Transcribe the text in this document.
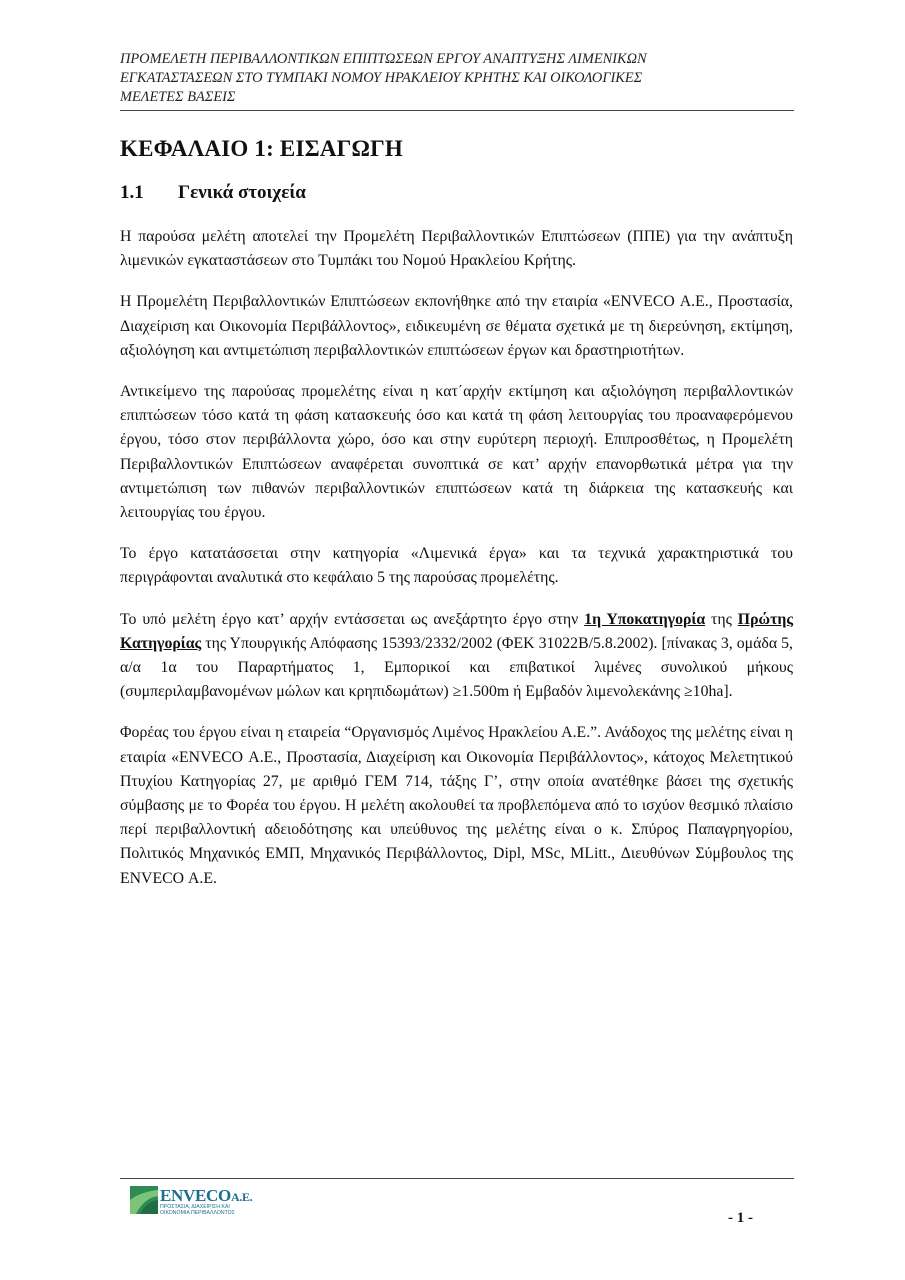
ΠΡΟΜΕΛΕΤΗ ΠΕΡΙΒΑΛΛΟΝΤΙΚΩΝ ΕΠΙΠΤΩΣΕΩΝ ΕΡΓΟΥ ΑΝΑΠΤΥΞΗΣ ΛΙΜΕΝΙΚΩΝ
ΕΓΚΑΤΑΣΤΑΣΕΩΝ ΣΤΟ ΤΥΜΠΑΚΙ ΝΟΜΟΥ ΗΡΑΚΛΕΙΟΥ ΚΡΗΤΗΣ ΚΑΙ ΟΙΚΟΛΟΓΙΚΕΣ
ΜΕΛΕΤΕΣ ΒΑΣΕΙΣ
ΚΕΦΑΛΑΙΟ 1: ΕΙΣΑΓΩΓΗ
1.1	Γενικά στοιχεία

Η παρούσα μελέτη αποτελεί την Προμελέτη Περιβαλλοντικών Επιπτώσεων (ΠΠΕ) για την ανάπτυξη λιμενικών εγκαταστάσεων στο Τυμπάκι του Νομού Ηρακλείου Κρήτης.

Η Προμελέτη Περιβαλλοντικών Επιπτώσεων εκπονήθηκε από την εταιρία «ENVECO Α.Ε., Προστασία, Διαχείριση και Οικονομία Περιβάλλοντος», ειδικευμένη σε θέματα σχετικά με τη διερεύνηση, εκτίμηση, αξιολόγηση και αντιμετώπιση περιβαλλοντικών επιπτώσεων έργων και δραστηριοτήτων.

Αντικείμενο της παρούσας προμελέτης είναι η κατ΄αρχήν εκτίμηση και αξιολόγηση περιβαλλοντικών επιπτώσεων τόσο κατά τη φάση κατασκευής όσο και κατά τη φάση λειτουργίας του προαναφερόμενου έργου, τόσο στον περιβάλλοντα χώρο, όσο και στην ευρύτερη περιοχή. Επιπροσθέτως, η Προμελέτη Περιβαλλοντικών Επιπτώσεων αναφέρεται συνοπτικά σε κατ’ αρχήν επανορθωτικά μέτρα για την αντιμετώπιση των πιθανών περιβαλλοντικών επιπτώσεων κατά τη διάρκεια της κατασκευής και λειτουργίας του έργου.

Το έργο κατατάσσεται στην κατηγορία «Λιμενικά έργα» και τα τεχνικά χαρακτηριστικά του περιγράφονται αναλυτικά στο κεφάλαιο 5 της παρούσας προμελέτης.

Το υπό μελέτη έργο κατ’ αρχήν εντάσσεται ως ανεξάρτητο έργο στην 1η Υποκατηγορία της Πρώτης Κατηγορίας της Υπουργικής Απόφασης 15393/2332/2002 (ΦΕΚ 31022Β/5.8.2002). [πίνακας 3, ομάδα 5, α/α 1α του Παραρτήματος 1, Εμπορικοί και επιβατικοί λιμένες συνολικού μήκους (συμπεριλαμβανομένων μώλων και κρηπιδωμάτων) ≥1.500m ή Εμβαδόν λιμενολεκάνης ≥10ha].

Φορέας του έργου είναι η εταιρεία “Οργανισμός Λιμένος Ηρακλείου Α.Ε.”. Ανάδοχος της μελέτης είναι η εταιρία «ENVECO Α.Ε., Προστασία, Διαχείριση και Οικονομία Περιβάλλοντος», κάτοχος Μελετητικού Πτυχίου Κατηγορίας 27, με αριθμό ΓΕΜ 714, τάξης Γ’, στην οποία ανατέθηκε βάσει της σχετικής σύμβασης με το Φορέα του έργου. Η μελέτη ακολουθεί τα προβλεπόμενα από το ισχύον θεσμικό πλαίσιο περί περιβαλλοντική αδειοδότησης και υπεύθυνος της μελέτης είναι ο κ. Σπύρος Παπαγρηγορίου, Πολιτικός Μηχανικός ΕΜΠ, Μηχανικός Περιβάλλοντος, Dipl, MSc, MLitt., Διευθύνων Σύμβουλος της ENVECO Α.Ε.

ENVECOA.E.
ΠΡΟΣΤΑΣΙΑ, ΔΙΑΧΕΙΡΙΣΗ ΚΑΙ
ΟΙΚΟΝΟΜΙΑ ΠΕΡΙΒΑΛΛΟΝΤΟΣ	- 1 -
